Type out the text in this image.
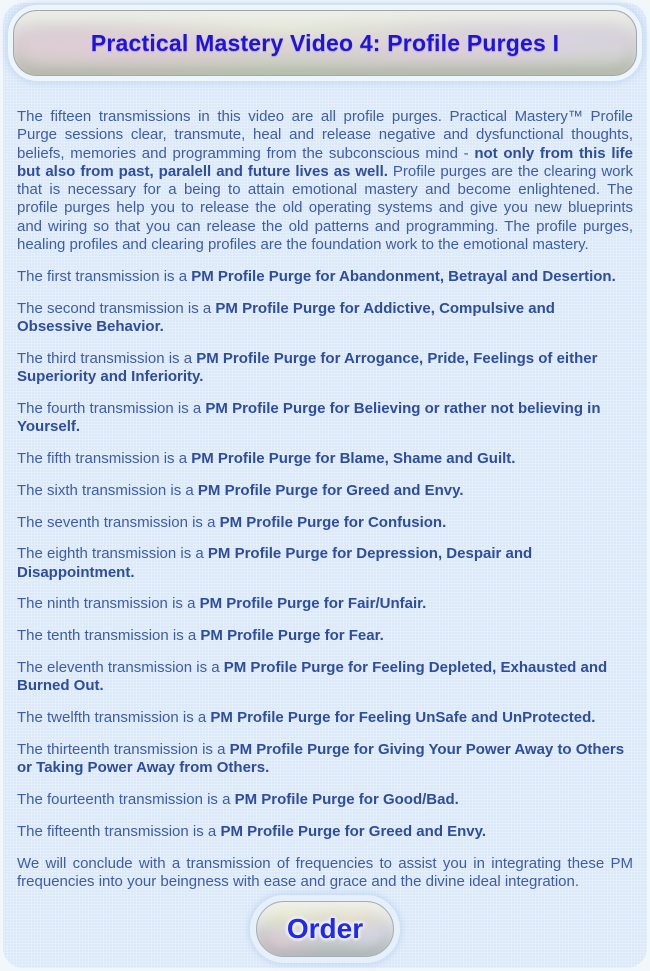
Practical Mastery Video 4: Profile Purges I

The fifteen transmissions in this video are all profile purges. Practical Mastery™ Profile Purge sessions clear, transmute, heal and release negative and dysfunctional thoughts, beliefs, memories and programming from the subconscious mind - not only from this life but also from past, paralell and future lives as well. Profile purges are the clearing work that is necessary for a being to attain emotional mastery and become enlightened. The profile purges help you to release the old operating systems and give you new blueprints and wiring so that you can release the old patterns and programming. The profile purges, healing profiles and clearing profiles are the foundation work to the emotional mastery.

The first transmission is a PM Profile Purge for Abandonment, Betrayal and Desertion.

The second transmission is a PM Profile Purge for Addictive, Compulsive and Obsessive Behavior.

The third transmission is a PM Profile Purge for Arrogance, Pride, Feelings of either Superiority and Inferiority.

The fourth transmission is a PM Profile Purge for Believing or rather not believing in Yourself.

The fifth transmission is a PM Profile Purge for Blame, Shame and Guilt.

The sixth transmission is a PM Profile Purge for Greed and Envy.

The seventh transmission is a PM Profile Purge for Confusion.

The eighth transmission is a PM Profile Purge for Depression, Despair and Disappointment.

The ninth transmission is a PM Profile Purge for Fair/Unfair.

The tenth transmission is a PM Profile Purge for Fear.

The eleventh transmission is a PM Profile Purge for Feeling Depleted, Exhausted and Burned Out.

The twelfth transmission is a PM Profile Purge for Feeling UnSafe and UnProtected.

The thirteenth transmission is a PM Profile Purge for Giving Your Power Away to Others or Taking Power Away from Others.

The fourteenth transmission is a PM Profile Purge for Good/Bad.

The fifteenth transmission is a PM Profile Purge for Greed and Envy.

We will conclude with a transmission of frequencies to assist you in integrating these PM frequencies into your beingness with ease and grace and the divine ideal integration.

Order
